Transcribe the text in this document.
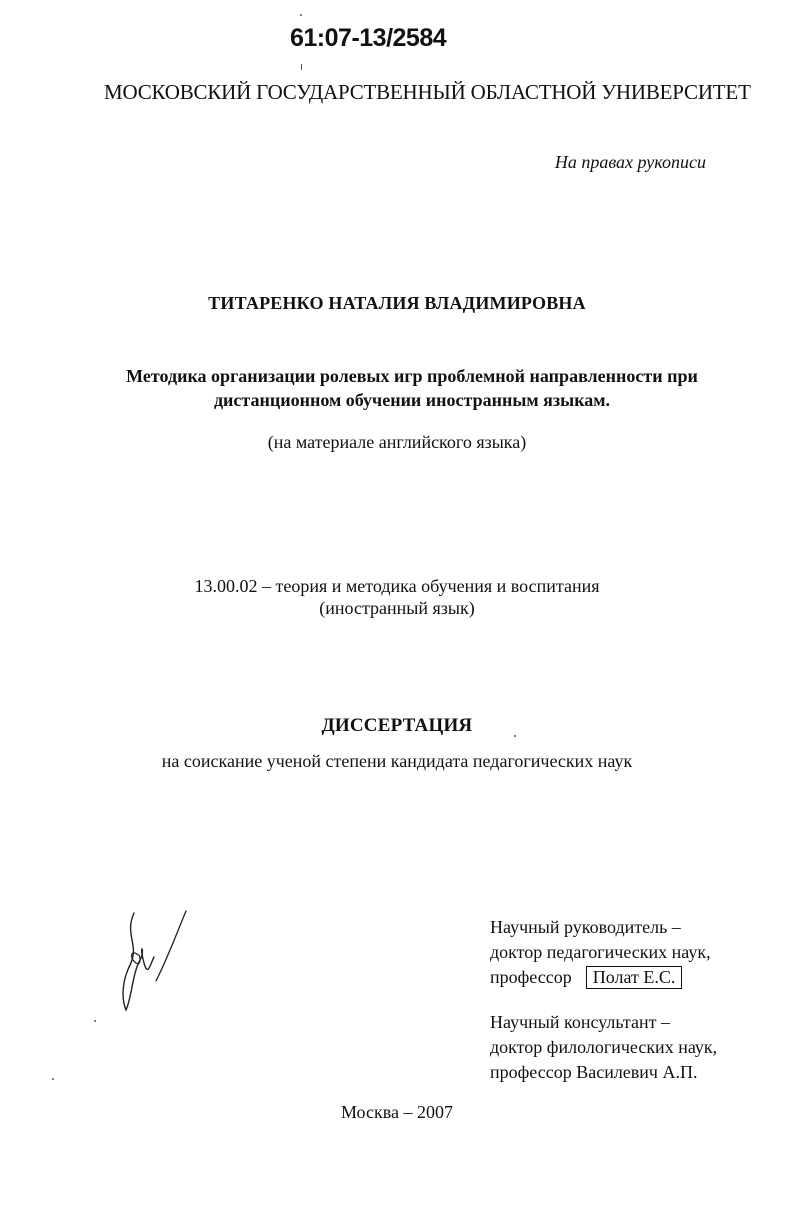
61:07-13/2584
МОСКОВСКИЙ ГОСУДАРСТВЕННЫЙ ОБЛАСТНОЙ УНИВЕРСИТЕТ
На правах рукописи
ТИТАРЕНКО НАТАЛИЯ ВЛАДИМИРОВНА
Методика организации ролевых игр проблемной направленности при
дистанционном обучении иностранным языкам.
(на материале английского языка)
13.00.02 – теория и методика обучения и воспитания
(иностранный язык)
ДИССЕРТАЦИЯ
на соискание ученой степени кандидата педагогических наук
Научный руководитель –
доктор педагогических наук,
профессор Полат Е.С.
Научный консультант –
доктор филологических наук,
профессор Василевич А.П.
Москва – 2007
